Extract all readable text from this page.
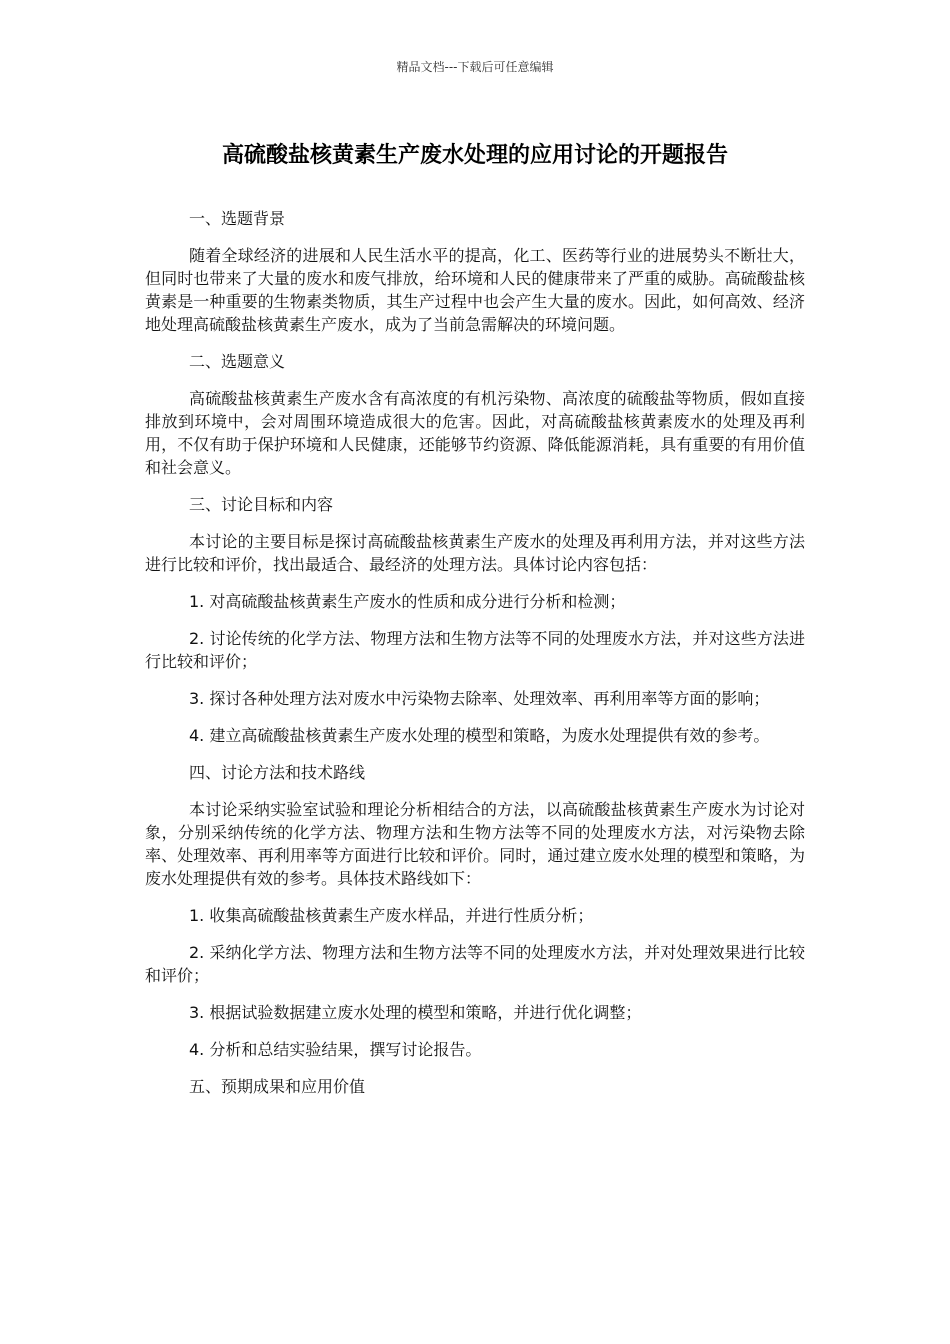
精品文档---下载后可任意编辑
高硫酸盐核黄素生产废水处理的应用讨论的开题报告

一、选题背景

随着全球经济的进展和人民生活水平的提高，化工、医药等行业的进展势头不断壮大，但同时也带来了大量的废水和废气排放，给环境和人民的健康带来了严重的威胁。高硫酸盐核黄素是一种重要的生物素类物质，其生产过程中也会产生大量的废水。因此，如何高效、经济地处理高硫酸盐核黄素生产废水，成为了当前急需解决的环境问题。

二、选题意义

高硫酸盐核黄素生产废水含有高浓度的有机污染物、高浓度的硫酸盐等物质，假如直接排放到环境中，会对周围环境造成很大的危害。因此，对高硫酸盐核黄素废水的处理及再利用，不仅有助于保护环境和人民健康，还能够节约资源、降低能源消耗，具有重要的有用价值和社会意义。

三、讨论目标和内容

本讨论的主要目标是探讨高硫酸盐核黄素生产废水的处理及再利用方法，并对这些方法进行比较和评价，找出最适合、最经济的处理方法。具体讨论内容包括：

1. 对高硫酸盐核黄素生产废水的性质和成分进行分析和检测；

2. 讨论传统的化学方法、物理方法和生物方法等不同的处理废水方法，并对这些方法进行比较和评价；

3. 探讨各种处理方法对废水中污染物去除率、处理效率、再利用率等方面的影响；

4. 建立高硫酸盐核黄素生产废水处理的模型和策略，为废水处理提供有效的参考。

四、讨论方法和技术路线

本讨论采纳实验室试验和理论分析相结合的方法，以高硫酸盐核黄素生产废水为讨论对象，分别采纳传统的化学方法、物理方法和生物方法等不同的处理废水方法，对污染物去除率、处理效率、再利用率等方面进行比较和评价。同时，通过建立废水处理的模型和策略，为废水处理提供有效的参考。具体技术路线如下：

1. 收集高硫酸盐核黄素生产废水样品，并进行性质分析；

2. 采纳化学方法、物理方法和生物方法等不同的处理废水方法，并对处理效果进行比较和评价；

3. 根据试验数据建立废水处理的模型和策略，并进行优化调整；

4. 分析和总结实验结果，撰写讨论报告。

五、预期成果和应用价值
